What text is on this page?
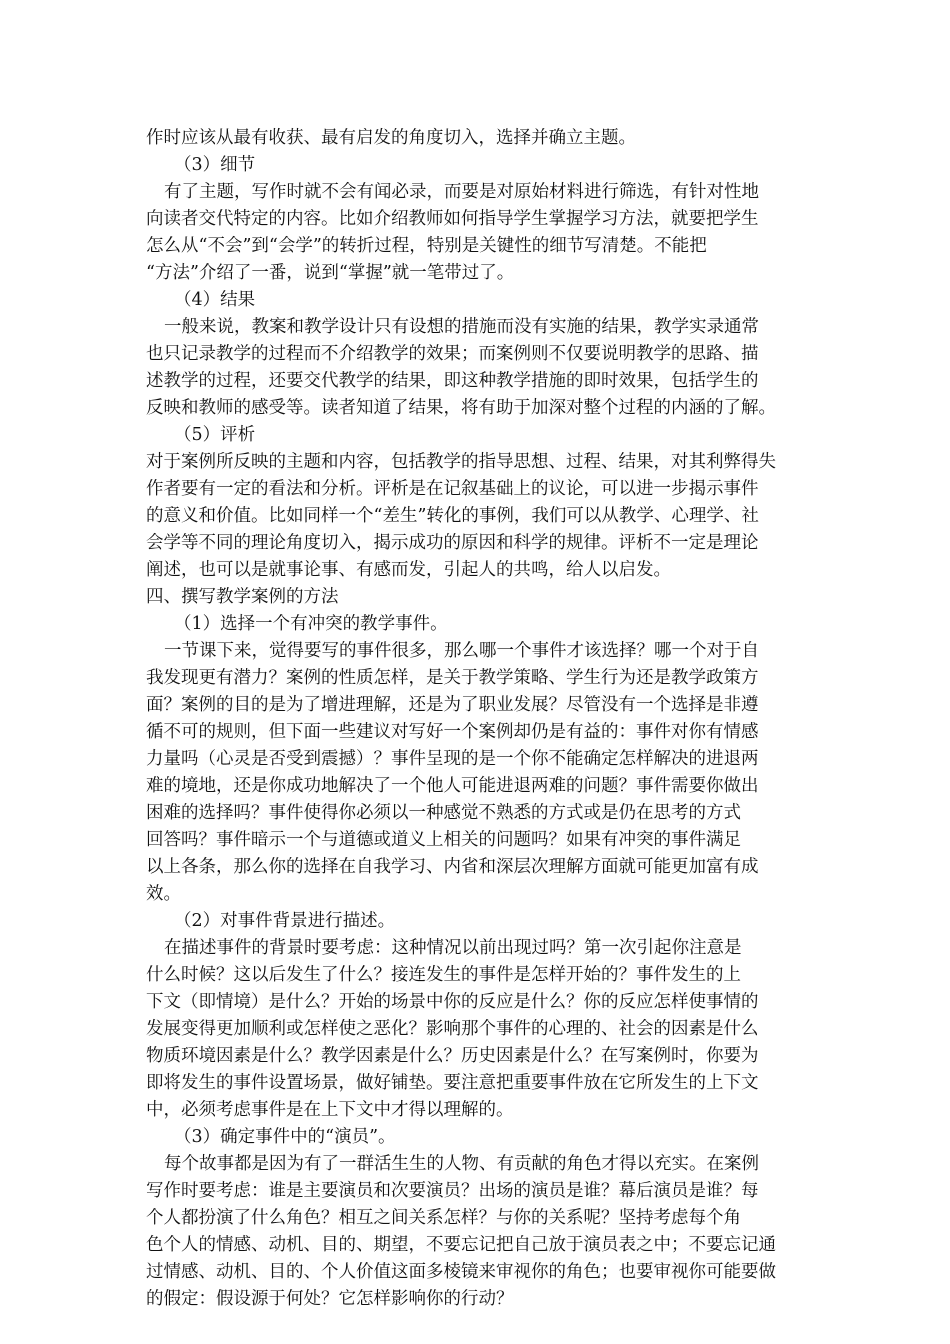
作时应该从最有收获、最有启发的角度切入，选择并确立主题。
（3）细节
有了主题，写作时就不会有闻必录，而要是对原始材料进行筛选，有针对性地
向读者交代特定的内容。比如介绍教师如何指导学生掌握学习方法，就要把学生
怎么从“不会”到“会学”的转折过程，特别是关键性的细节写清楚。不能把
“方法”介绍了一番，说到“掌握”就一笔带过了。
（4）结果
一般来说，教案和教学设计只有设想的措施而没有实施的结果，教学实录通常
也只记录教学的过程而不介绍教学的效果；而案例则不仅要说明教学的思路、描
述教学的过程，还要交代教学的结果，即这种教学措施的即时效果，包括学生的
反映和教师的感受等。读者知道了结果，将有助于加深对整个过程的内涵的了解。
（5）评析
对于案例所反映的主题和内容，包括教学的指导思想、过程、结果，对其利弊得失
作者要有一定的看法和分析。评析是在记叙基础上的议论，可以进一步揭示事件
的意义和价值。比如同样一个“差生”转化的事例，我们可以从教学、心理学、社
会学等不同的理论角度切入，揭示成功的原因和科学的规律。评析不一定是理论
阐述，也可以是就事论事、有感而发，引起人的共鸣，给人以启发。
四、撰写教学案例的方法
（1）选择一个有冲突的教学事件。
一节课下来，觉得要写的事件很多，那么哪一个事件才该选择？哪一个对于自
我发现更有潜力？案例的性质怎样，是关于教学策略、学生行为还是教学政策方
面？案例的目的是为了增进理解，还是为了职业发展？尽管没有一个选择是非遵
循不可的规则，但下面一些建议对写好一个案例却仍是有益的：事件对你有情感
力量吗（心灵是否受到震撼）？事件呈现的是一个你不能确定怎样解决的进退两
难的境地，还是你成功地解决了一个他人可能进退两难的问题？事件需要你做出
困难的选择吗？事件使得你必须以一种感觉不熟悉的方式或是仍在思考的方式
回答吗？事件暗示一个与道德或道义上相关的问题吗？如果有冲突的事件满足
以上各条，那么你的选择在自我学习、内省和深层次理解方面就可能更加富有成
效。
（2）对事件背景进行描述。
在描述事件的背景时要考虑：这种情况以前出现过吗？第一次引起你注意是
什么时候？这以后发生了什么？接连发生的事件是怎样开始的？事件发生的上
下文（即情境）是什么？开始的场景中你的反应是什么？你的反应怎样使事情的
发展变得更加顺利或怎样使之恶化？影响那个事件的心理的、社会的因素是什么
物质环境因素是什么？教学因素是什么？历史因素是什么？在写案例时，你要为
即将发生的事件设置场景，做好铺垫。要注意把重要事件放在它所发生的上下文
中，必须考虑事件是在上下文中才得以理解的。
（3）确定事件中的“演员”。
每个故事都是因为有了一群活生生的人物、有贡献的角色才得以充实。在案例
写作时要考虑：谁是主要演员和次要演员？出场的演员是谁？幕后演员是谁？每
个人都扮演了什么角色？相互之间关系怎样？与你的关系呢？坚持考虑每个角
色个人的情感、动机、目的、期望，不要忘记把自己放于演员表之中；不要忘记通
过情感、动机、目的、个人价值这面多棱镜来审视你的角色；也要审视你可能要做
的假定：假设源于何处？它怎样影响你的行动？
